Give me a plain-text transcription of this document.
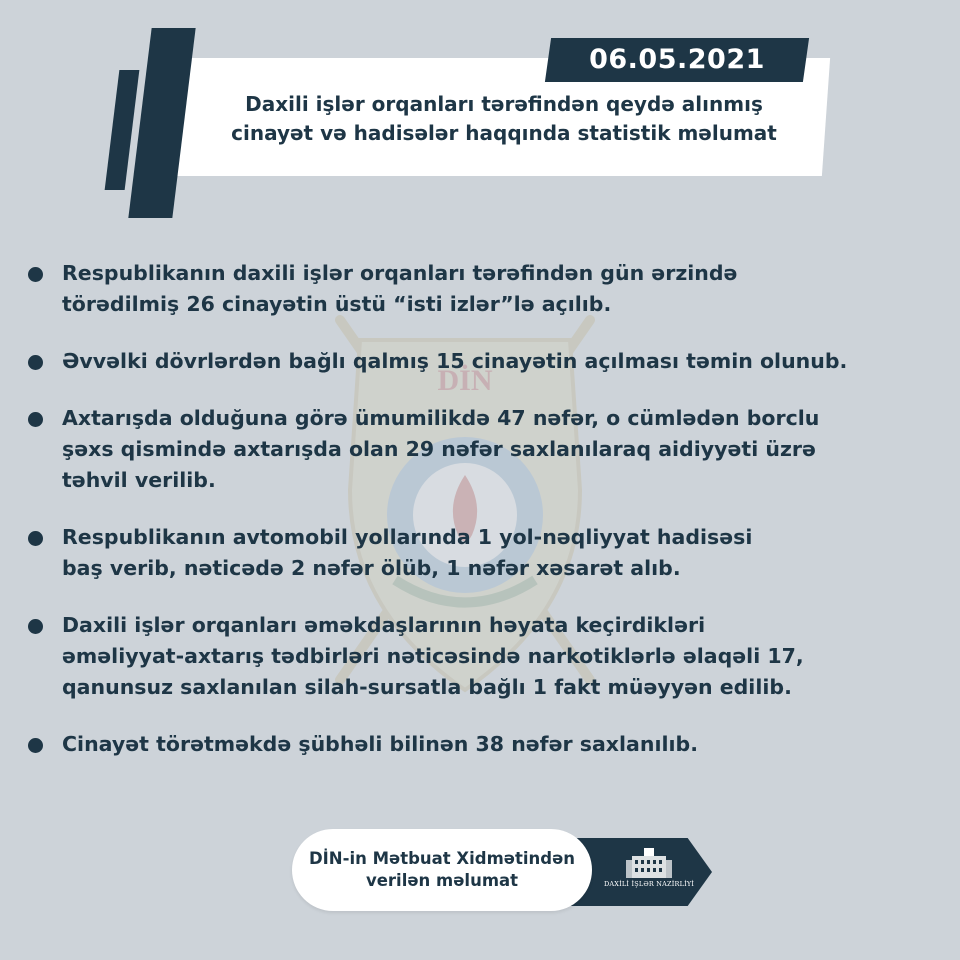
06.05.2021
Daxili işlər orqanları tərəfindən qeydə alınmış
cinayət və hadisələr haqqında statistik məlumat
DİN
Respublikanın daxili işlər orqanları tərəfindən gün ərzində
törədilmiş 26 cinayətin üstü “isti izlər”lə açılıb.
Əvvəlki dövrlərdən bağlı qalmış 15 cinayətin açılması təmin olunub.
Axtarışda olduğuna görə ümumilikdə 47 nəfər, o cümlədən borclu
şəxs qismində axtarışda olan 29 nəfər saxlanılaraq aidiyyəti üzrə
təhvil verilib.
Respublikanın avtomobil yollarında 1 yol-nəqliyyat hadisəsi
baş verib, nəticədə 2 nəfər ölüb, 1 nəfər xəsarət alıb.
Daxili işlər orqanları əməkdaşlarının həyata keçirdikləri
əməliyyat-axtarış tədbirləri nəticəsində narkotiklərlə əlaqəli 17,
qanunsuz saxlanılan silah-sursatla bağlı 1 fakt müəyyən edilib.
Cinayət törətməkdə şübhəli bilinən 38 nəfər saxlanılıb.
DAXİLİ İŞLƏR NAZİRLİYİ
DİN-in Mətbuat Xidmətindən
verilən məlumat
